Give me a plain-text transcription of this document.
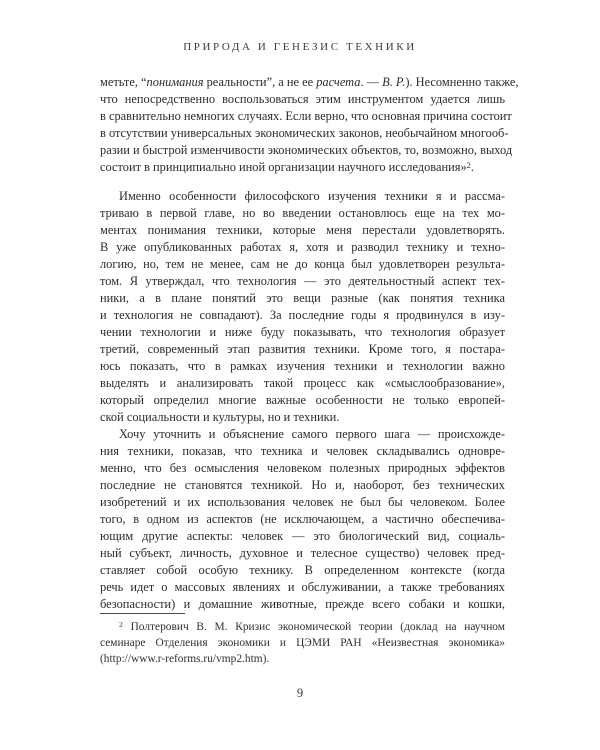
ПРИРОДА И ГЕНЕЗИС ТЕХНИКИ
метьте, “понимания реальности”, а не ее расчета. — В. Р.). Несомненно также,
что непосредственно воспользоваться этим инструментом удается лишь
в сравнительно немногих случаях. Если верно, что основная причина состоит
в отсутствии универсальных экономических законов, необычайном многооб-
разии и быстрой изменчивости экономических объектов, то, возможно, выход
состоит в принципиально иной организации научного исследования»$^2$.
Именно особенности философского изучения техники я и рассма-
триваю в первой главе, но во введении остановлюсь еще на тех мо-
ментах понимания техники, которые меня перестали удовлетворять.
В уже опубликованных работах я, хотя и разводил технику и техно-
логию, но, тем не менее, сам не до конца был удовлетворен результа-
том. Я утверждал, что технология — это деятельностный аспект тех-
ники, а в плане понятий это вещи разные (как понятия техника
и технология не совпадают). За последние годы я продвинулся в изу-
чении технологии и ниже буду показывать, что технология образует
третий, современный этап развития техники. Кроме того, я постара-
юсь показать, что в рамках изучения техники и технологии важно
выделять и анализировать такой процесс как «смыслообразование»,
который определил многие важные особенности не только европей-
ской социальности и культуры, но и техники.
Хочу уточнить и объяснение самого первого шага — происхожде-
ния техники, показав, что техника и человек складывались одновре-
менно, что без осмысления человеком полезных природных эффектов
последние не становятся техникой. Но и, наоборот, без технических
изобретений и их использования человек не был бы человеком. Более
того, в одном из аспектов (не исключающем, а частично обеспечива-
ющим другие аспекты: человек — это биологический вид, социаль-
ный субъект, личность, духовное и телесное существо) человек пред-
ставляет собой особую технику. В определенном контексте (когда
речь идет о массовых явлениях и обслуживании, а также требованиях
безопасности) и домашние животные, прежде всего собаки и кошки,
$^2$ Полтерович В. М. Кризис экономической теории (доклад на научном
семинаре Отделения экономики и ЦЭМИ РАН «Неизвестная экономика»
(http://www.r-reforms.ru/vmp2.htm).
9
